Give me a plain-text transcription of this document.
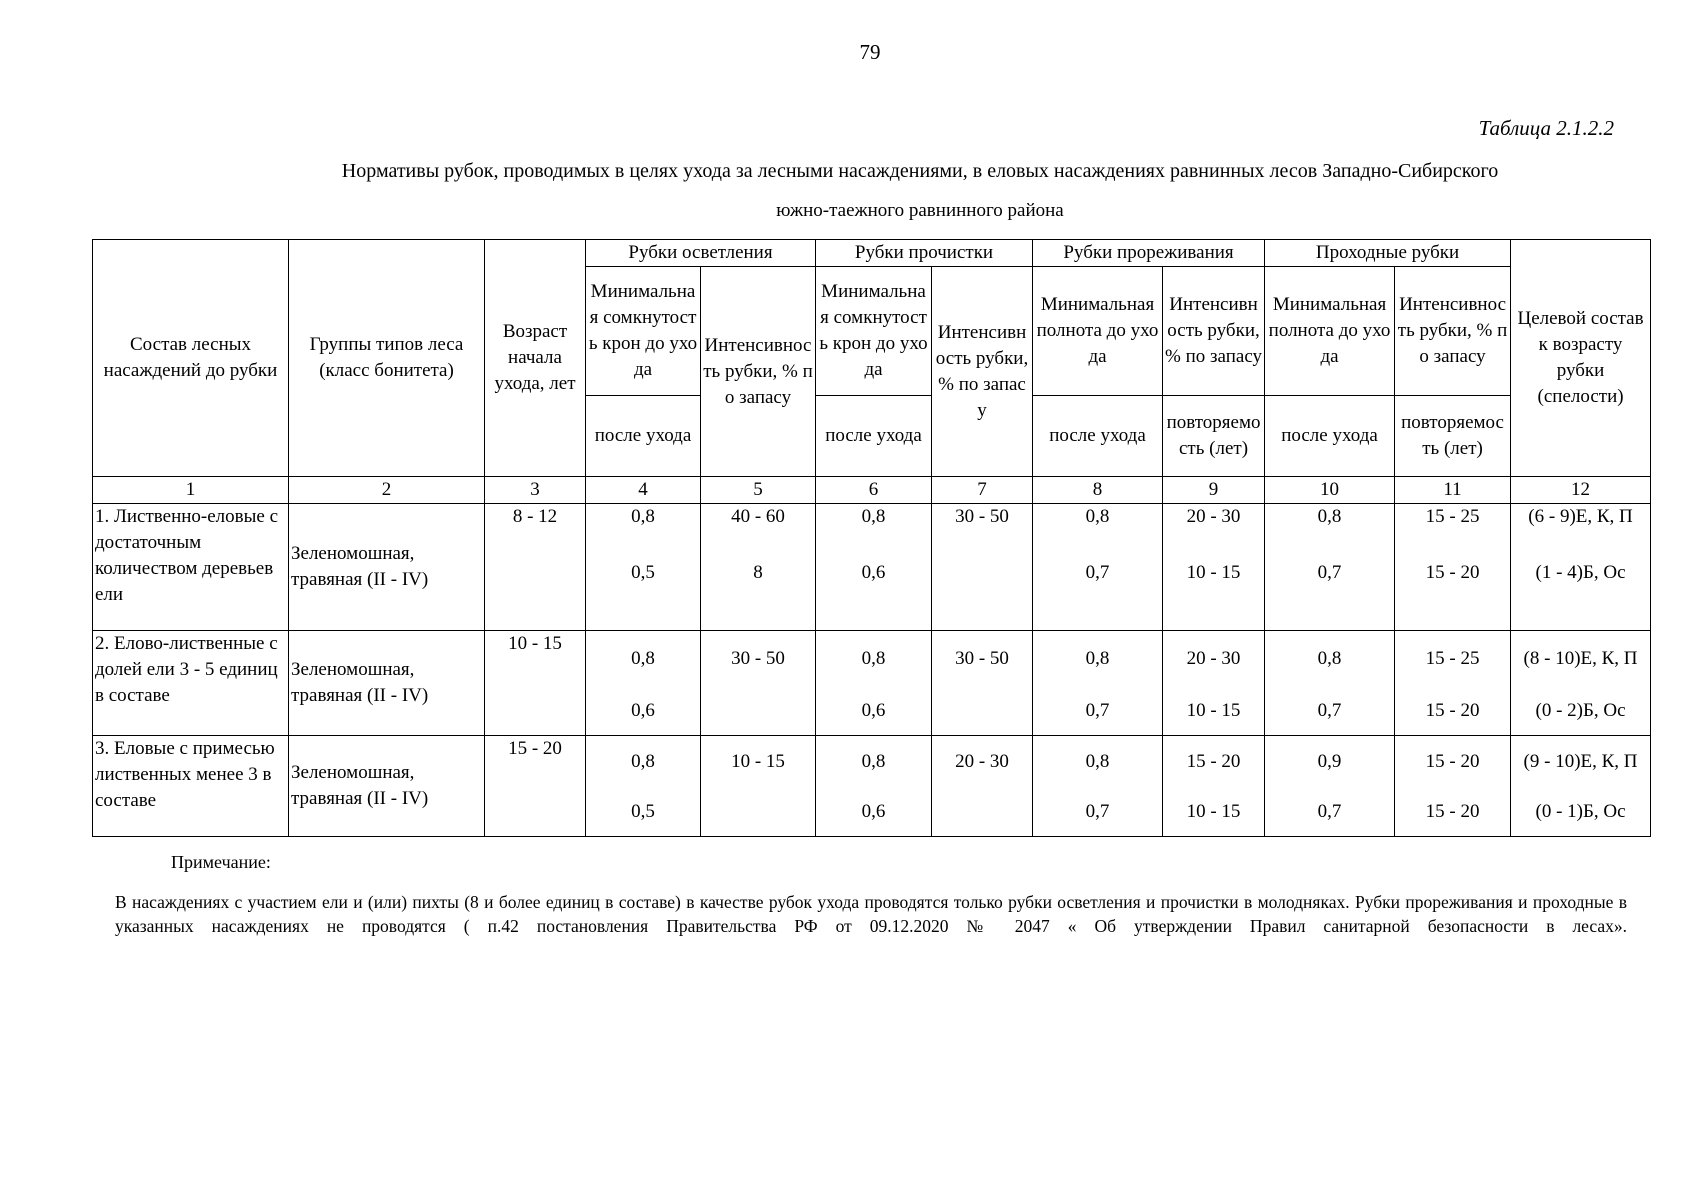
79
Таблица 2.1.2.2
Нормативы рубок, проводимых в целях ухода за лесными насаждениями, в еловых насаждениях равнинных лесов Западно-Сибирского
южно-таежного равнинного района
Состав лесных насаждений до рубки	Группы типов леса (класс бонитета)	Возраст начала ухода, лет	Рубки осветления		Рубки прочистки		Рубки прореживания		Проходные рубки		Целевой состав к возрасту рубки (спелости)
			Минимальная сомкнутость крон до ухода	Интенсивность рубки, % по запасу	Минимальная сомкнутость крон до ухода	Интенсивность рубки, % по запасу	Минимальная полнота до ухода	Интенсивность рубки, % по запасу	Минимальная полнота до ухода	Интенсивность рубки, % по запасу	
			после ухода		после ухода		после ухода	повторяемость (лет)	после ухода	повторяемость (лет)	
1	2	3	4	5	6	7	8	9	10	11	12
1. Лиственно-еловые с достаточным количеством деревьев ели	Зеленомошная, травяная (II - IV)	8 - 12	0,8	40 - 60	0,8	30 - 50	0,8	20 - 30	0,8	15 - 25	(6 - 9)Е, К, П
			0,5	8	0,6		0,7	10 - 15	0,7	15 - 20	(1 - 4)Б, Ос
2. Елово-лиственные с долей ели 3 - 5 единиц в составе	Зеленомошная, травяная (II - IV)	10 - 15	0,8	30 - 50	0,8	30 - 50	0,8	20 - 30	0,8	15 - 25	(8 - 10)Е, К, П
			0,6		0,6		0,7	10 - 15	0,7	15 - 20	(0 - 2)Б, Ос
3. Еловые с примесью лиственных менее 3 в составе	Зеленомошная, травяная (II - IV)	15 - 20	0,8	10 - 15	0,8	20 - 30	0,8	15 - 20	0,9	15 - 20	(9 - 10)Е, К, П
			0,5		0,6		0,7	10 - 15	0,7	15 - 20	(0 - 1)Б, Ос
Примечание:
В насаждениях с участием ели и (или) пихты (8 и более единиц в составе) в качестве рубок ухода проводятся только рубки осветления и прочистки в молодняках. Рубки прореживания и проходные в указанных насаждениях не проводятся ( п.42 постановления Правительства РФ от 09.12.2020 № 2047 « Об утверждении Правил санитарной безопасности в лесах».
